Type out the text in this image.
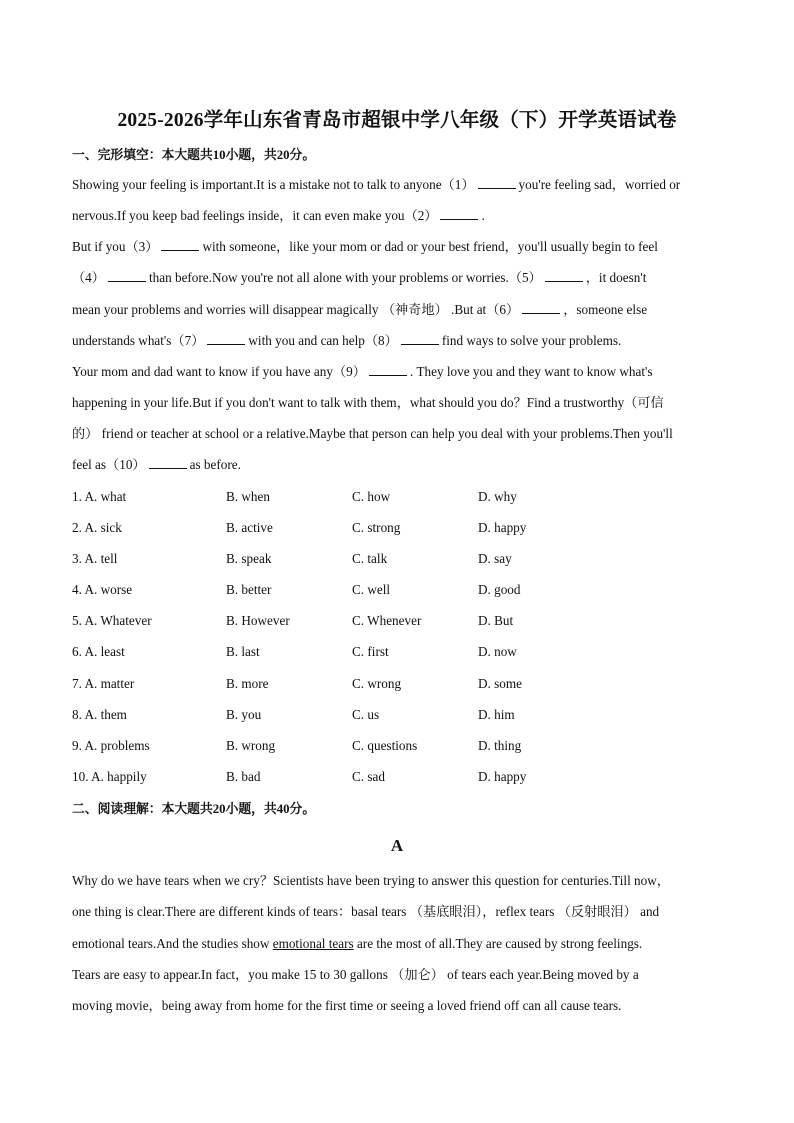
2025-2026学年山东省青岛市超银中学八年级（下）开学英语试卷
一、完形填空：本大题共10小题，共20分。
Showing your feeling is important.It is a mistake not to talk to anyone（1）	you're feeling sad，worried or
nervous.If you keep bad feelings inside，it can even make you（2）	.
But if you（3）	with someone，like your mom or dad or your best friend，you'll usually begin to feel
（4）	than before.Now you're not all alone with your problems or worries.（5）	，it doesn't
mean your problems and worries will disappear magically （神奇地） .But at（6）	，someone else
understands what's（7）	with you and can help（8）	find ways to solve your problems.
Your mom and dad want to know if you have any（9）	. They love you and they want to know what's
happening in your life.But if you don't want to talk with them，what should you do？Find a trustworthy（可信
的） friend or teacher at school or a relative.Maybe that person can help you deal with your problems.Then you'll
feel as（10）	as before.
1. A. what	B. when	C. how	D. why
2. A. sick	B. active	C. strong	D. happy
3. A. tell	B. speak	C. talk	D. say
4. A. worse	B. better	C. well	D. good
5. A. Whatever	B. However	C. Whenever	D. But
6. A. least	B. last	C. first	D. now
7. A. matter	B. more	C. wrong	D. some
8. A. them	B. you	C. us	D. him
9. A. problems	B. wrong	C. questions	D. thing
10. A. happily	B. bad	C. sad	D. happy
二、阅读理解：本大题共20小题，共40分。
A
Why do we have tears when we cry？Scientists have been trying to answer this question for centuries.Till now，
one thing is clear.There are different kinds of tears：basal tears （基底眼泪），reflex tears （反射眼泪） and
emotional tears.And the studies show emotional tears are the most of all.They are caused by strong feelings.
Tears are easy to appear.In fact，you make 15 to 30 gallons （加仑） of tears each year.Being moved by a
moving movie，being away from home for the first time or seeing a loved friend off can all cause tears.
